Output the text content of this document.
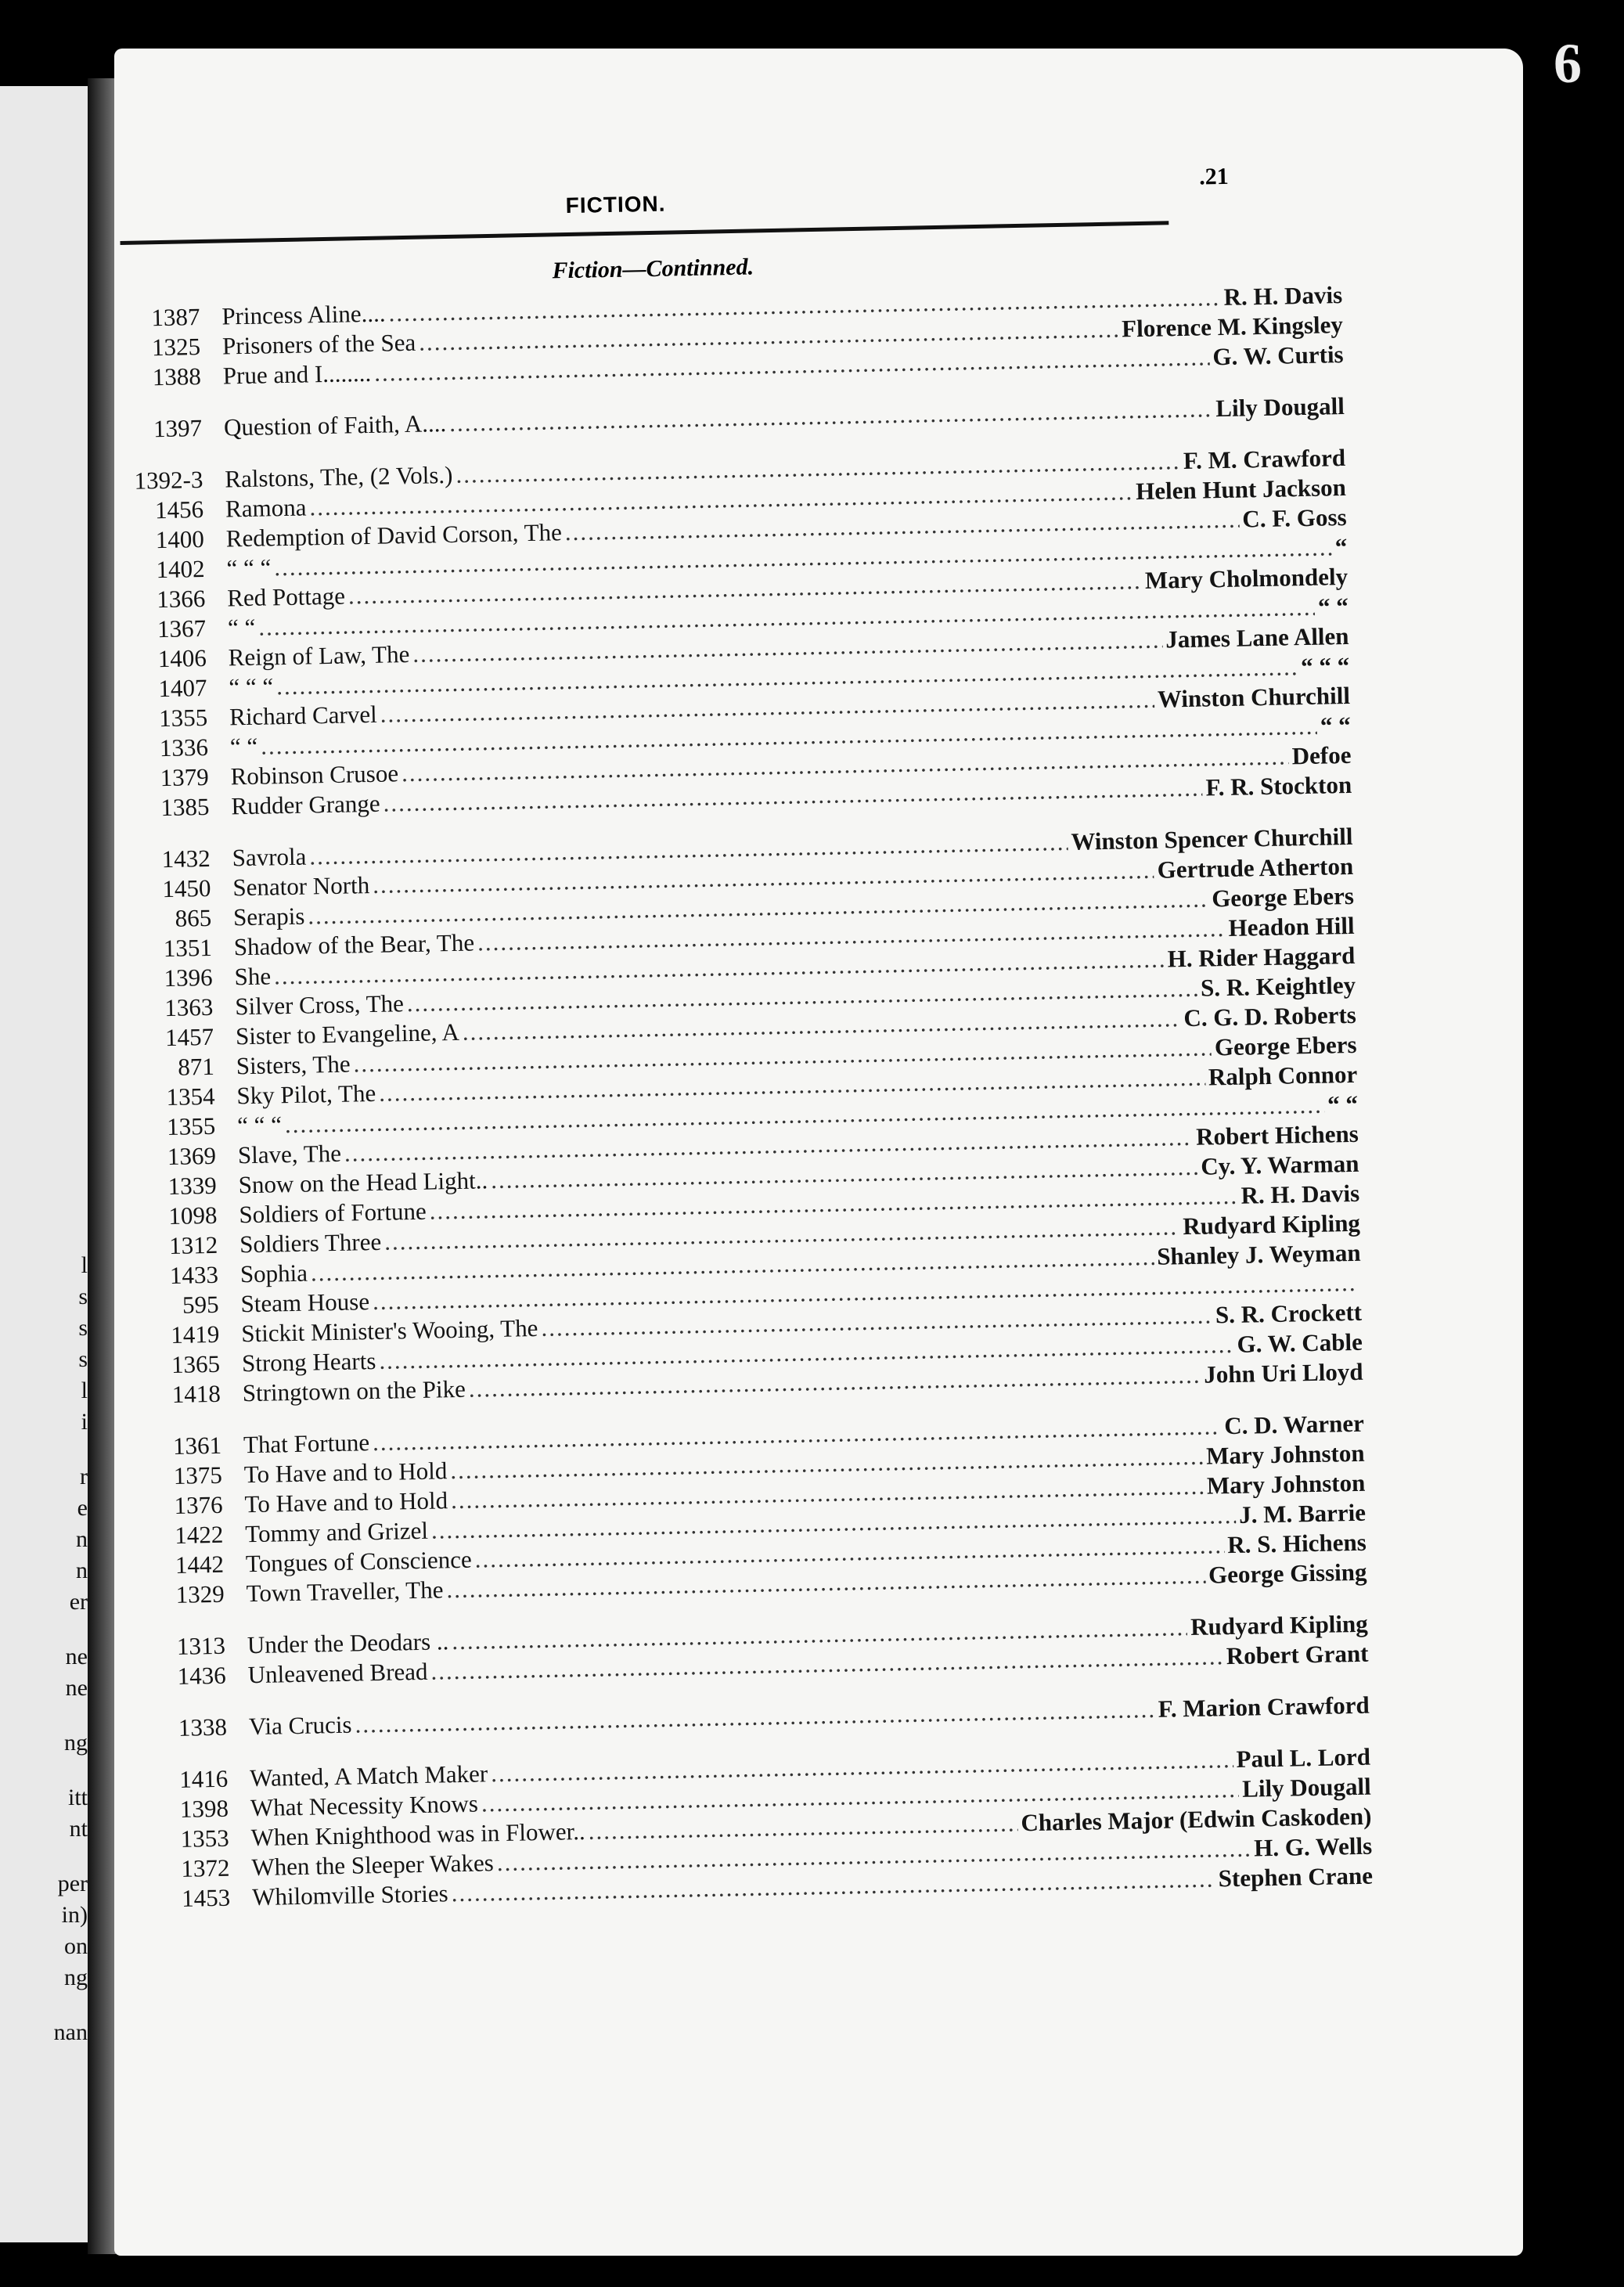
l
s
s
s
l
i
r
e
n
n
er
ne
ne
ng
itt
nt
per
in)
on
ng
nan
6
FICTION.
.21
Fiction—Continned.
1387 Princess Aline....
.....
R. H. Davis
1325 Prisoners of the Sea
.....
Florence M. Kingsley
1388 Prue and I........
.....
G. W. Curtis
1397 Question of Faith, A....
.....
Lily Dougall
1392-3 Ralstons, The, (2 Vols.)
.....
F. M. Crawford
1456 Ramona
.....
Helen Hunt Jackson
1400 Redemption of David Corson, The
.....
C. F. Goss
1402 “ “ “
.....
“
1366 Red Pottage
.....
Mary Cholmondely
1367 “ “
.....
“ “
1406 Reign of Law, The
.....
James Lane Allen
1407 “ “ “
.....
“ “ “
1355 Richard Carvel
.....
Winston Churchill
1336 “ “
.....
“ “
1379 Robinson Crusoe
.....
Defoe
1385 Rudder Grange
.....
F. R. Stockton
1432 Savrola
.....
Winston Spencer Churchill
1450 Senator North
.....
Gertrude Atherton
865 Serapis
.....
George Ebers
1351 Shadow of the Bear, The
.....
Headon Hill
1396 She
.....
H. Rider Haggard
1363 Silver Cross, The
.....
S. R. Keightley
1457 Sister to Evangeline, A
.....
C. G. D. Roberts
871 Sisters, The
.....
George Ebers
1354 Sky Pilot, The
.....
Ralph Connor
1355 “ “ “
.....
“ “
1369 Slave, The
.....
Robert Hichens
1339 Snow on the Head Light..
.....
Cy. Y. Warman
1098 Soldiers of Fortune
.....
R. H. Davis
1312 Soldiers Three
.....
Rudyard Kipling
1433 Sophia
.....
Shanley J. Weyman
595 Steam House
.....
1419 Stickit Minister's Wooing, The
.....
S. R. Crockett
1365 Strong Hearts
.....
G. W. Cable
1418 Stringtown on the Pike
.....
John Uri Lloyd
1361 That Fortune
.....
C. D. Warner
1375 To Have and to Hold
.....
Mary Johnston
1376 To Have and to Hold
.....
Mary Johnston
1422 Tommy and Grizel
.....
J. M. Barrie
1442 Tongues of Conscience
.....
R. S. Hichens
1329 Town Traveller, The
.....
George Gissing
1313 Under the Deodars ..
.....
Rudyard Kipling
1436 Unleavened Bread
.....
Robert Grant
1338 Via Crucis
.....
F. Marion Crawford
1416 Wanted, A Match Maker
.....
Paul L. Lord
1398 What Necessity Knows
.....
Lily Dougall
1353 When Knighthood was in Flower..
.....	Charles Major (Edwin Caskoden)
1372 When the Sleeper Wakes
.....
H. G. Wells
1453 Whilomville Stories
.....
Stephen Crane
